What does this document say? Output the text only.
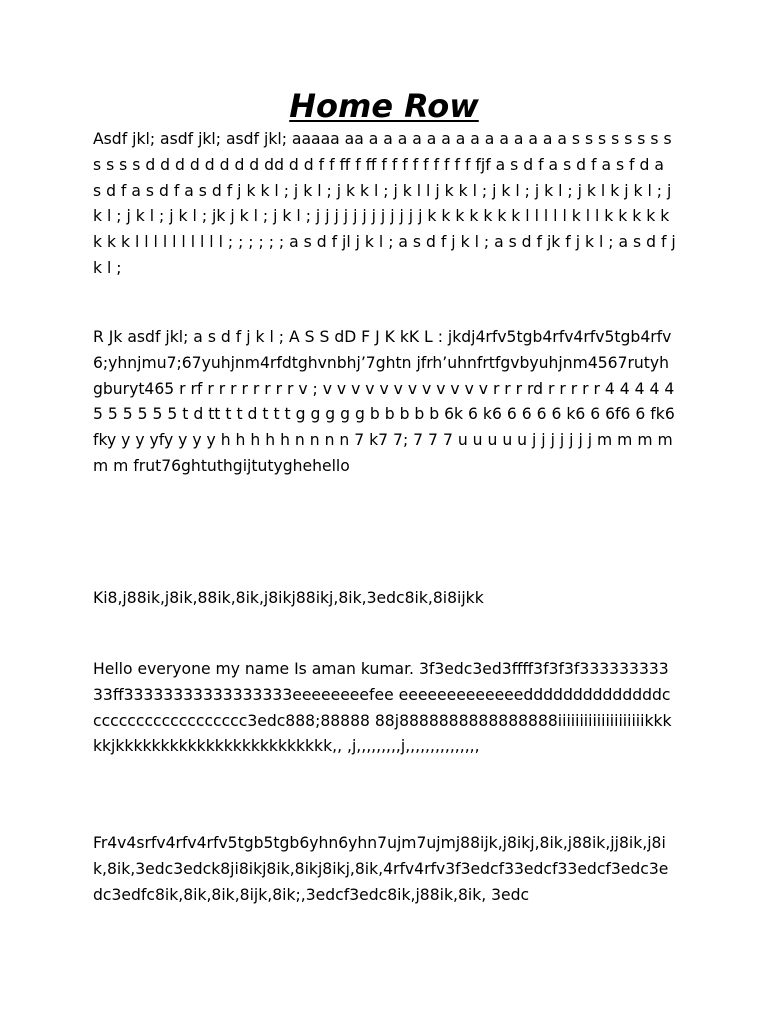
Home Row

Asdf jkl; asdf jkl; asdf jkl; aaaaa aa a a a a a a a a a a a a a a s s s s s s s s s s s s d d d d d d d d dd d d f f ff f ff f f f f f f f f f fjf a s d f a s d f a s f d a s d f a s d f a s d f j k k l ; j k l ; j k k l ; j k l l j k k l ; j k l ; j k l ; j k l k j k l ; j k l ; j k l ; j k l ; jk j k l ; j k l ; j j j j j j j j j j j j k k k k k k k l l l l l k l l k k k k k k k k l l l l l l l l l l ; ; ; ; ; ; a s d f jl j k l ; a s d f j k l ; a s d f jk f j k l ; a s d f j k l ;

R Jk asdf jkl; a s d f j k l ; A S S dD F J K kK L : jkdj4rfv5tgb4rfv4rfv5tgb4rfv6;yhnjmu7;67yuhjnm4rfdtghvnbhj’7ghtn jfrh’uhnfrtfgvbyuhjnm4567rutyhgburyt465 r rf r r r r r r r r v ; v v v v v v v v v v v v r r r rd r r r r r 4 4 4 4 4 5 5 5 5 5 5 t d tt t t d t t t g g g g g b b b b b 6k 6 k6 6 6 6 6 k6 6 6f6 6 fk6 fky y y yfy y y y h h h h h n n n n 7 k7 7; 7 7 7 u u u u u j j j j j j j m m m m m m frut76ghtuthgijtutyghehello

Ki8,j88ik,j8ik,88ik,8ik,j8ikj88ikj,8ik,3edc8ik,8i8ijkk

Hello everyone my name Is aman kumar. 3f3edc3ed3ffff3f3f3f33333333333ff33333333333333333eeeeeeeefee eeeeeeeeeeeeeddddddddddddddccccccccccccccccccc3edc888;88888 88j8888888888888888iiiiiiiiiiiiiiiiiiiikkkkkjkkkkkkkkkkkkkkkkkkkkkkkk,, ,j,,,,,,,,,j,,,,,,,,,,,,,,,

Fr4v4srfv4rfv4rfv5tgb5tgb6yhn6yhn7ujm7ujmj88ijk,j8ikj,8ik,j88ik,jj8ik,j8ik,8ik,3edc3edck8ji8ikj8ik,8ikj8ikj,8ik,4rfv4rfv3f3edcf33edcf33edcf3edc3edc3edfc8ik,8ik,8ik,8ijk,8ik;,3edcf3edc8ik,j88ik,8ik, 3edc
